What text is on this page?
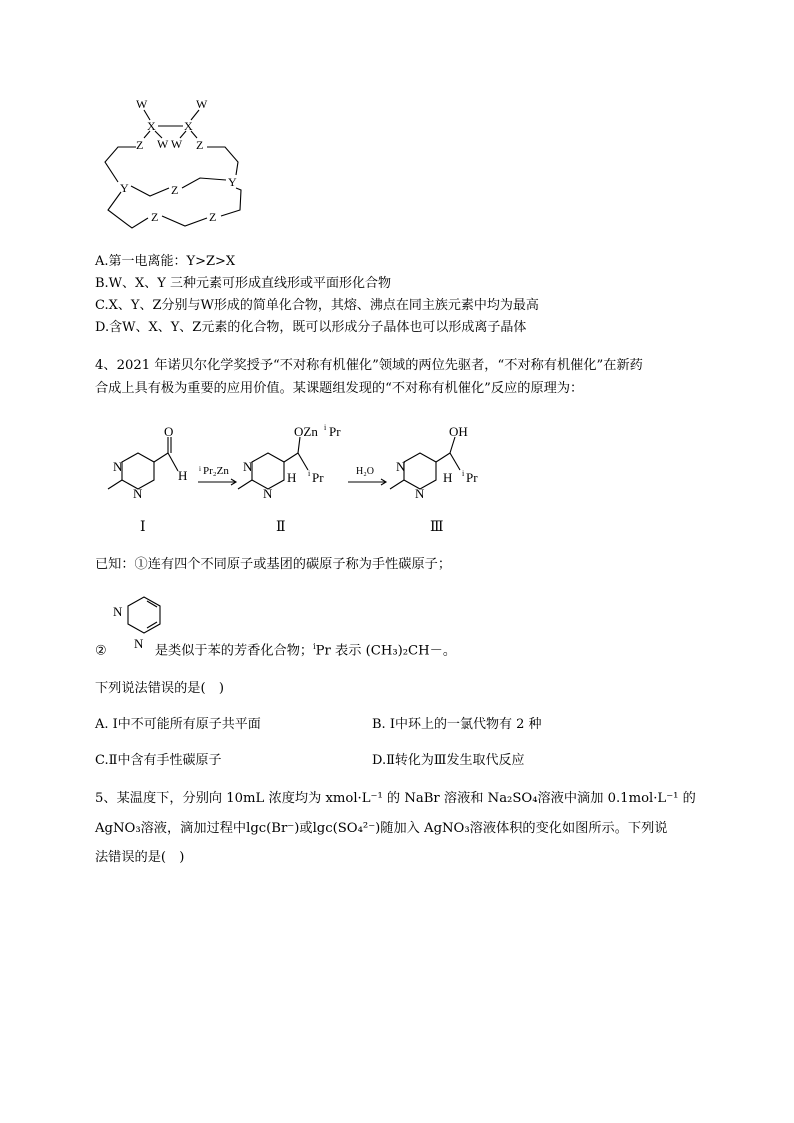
W	W
X X
Z W W Z
Y	Z
Y
Z	Z
A.第一电离能：Y>Z>X
B.W、X、Y 三种元素可形成直线形或平面形化合物
C.X、Y、Z分别与W形成的简单化合物，其熔、沸点在同主族元素中均为最高
D.含W、X、Y、Z元素的化合物，既可以形成分子晶体也可以形成离子晶体
4、2021 年诺贝尔化学奖授予“不对称有机催化”领域的两位先驱者，“不对称有机催化”在新药
合成上具有极为重要的应用价值。某课题组发现的“不对称有机催化”反应的原理为：
O
H
N
N
Ⅰ
i Pr₂Zn
OZn i Pr
H i Pr
N
N
Ⅱ
H₂O
OH
H i Pr
N
N
Ⅲ
已知：①连有四个不同原子或基团的碳原子称为手性碳原子；
N
N
②	是类似于苯的芳香化合物；$^i$Pr 表示 (CH₃)₂CH－。
下列说法错误的是(　)
A. Ⅰ中不可能所有原子共平面	B. Ⅰ中环上的一氯代物有 2 种
C.Ⅱ中含有手性碳原子	D.Ⅱ转化为Ⅲ发生取代反应
5、某温度下，分别向 10mL 浓度均为 xmol·L⁻¹ 的 NaBr 溶液和 Na₂SO₄溶液中滴加 0.1mol·L⁻¹ 的
AgNO₃溶液，滴加过程中lgc(Br⁻)或lgc(SO₄²⁻)随加入 AgNO₃溶液体积的变化如图所示。下列说
法错误的是(　)
